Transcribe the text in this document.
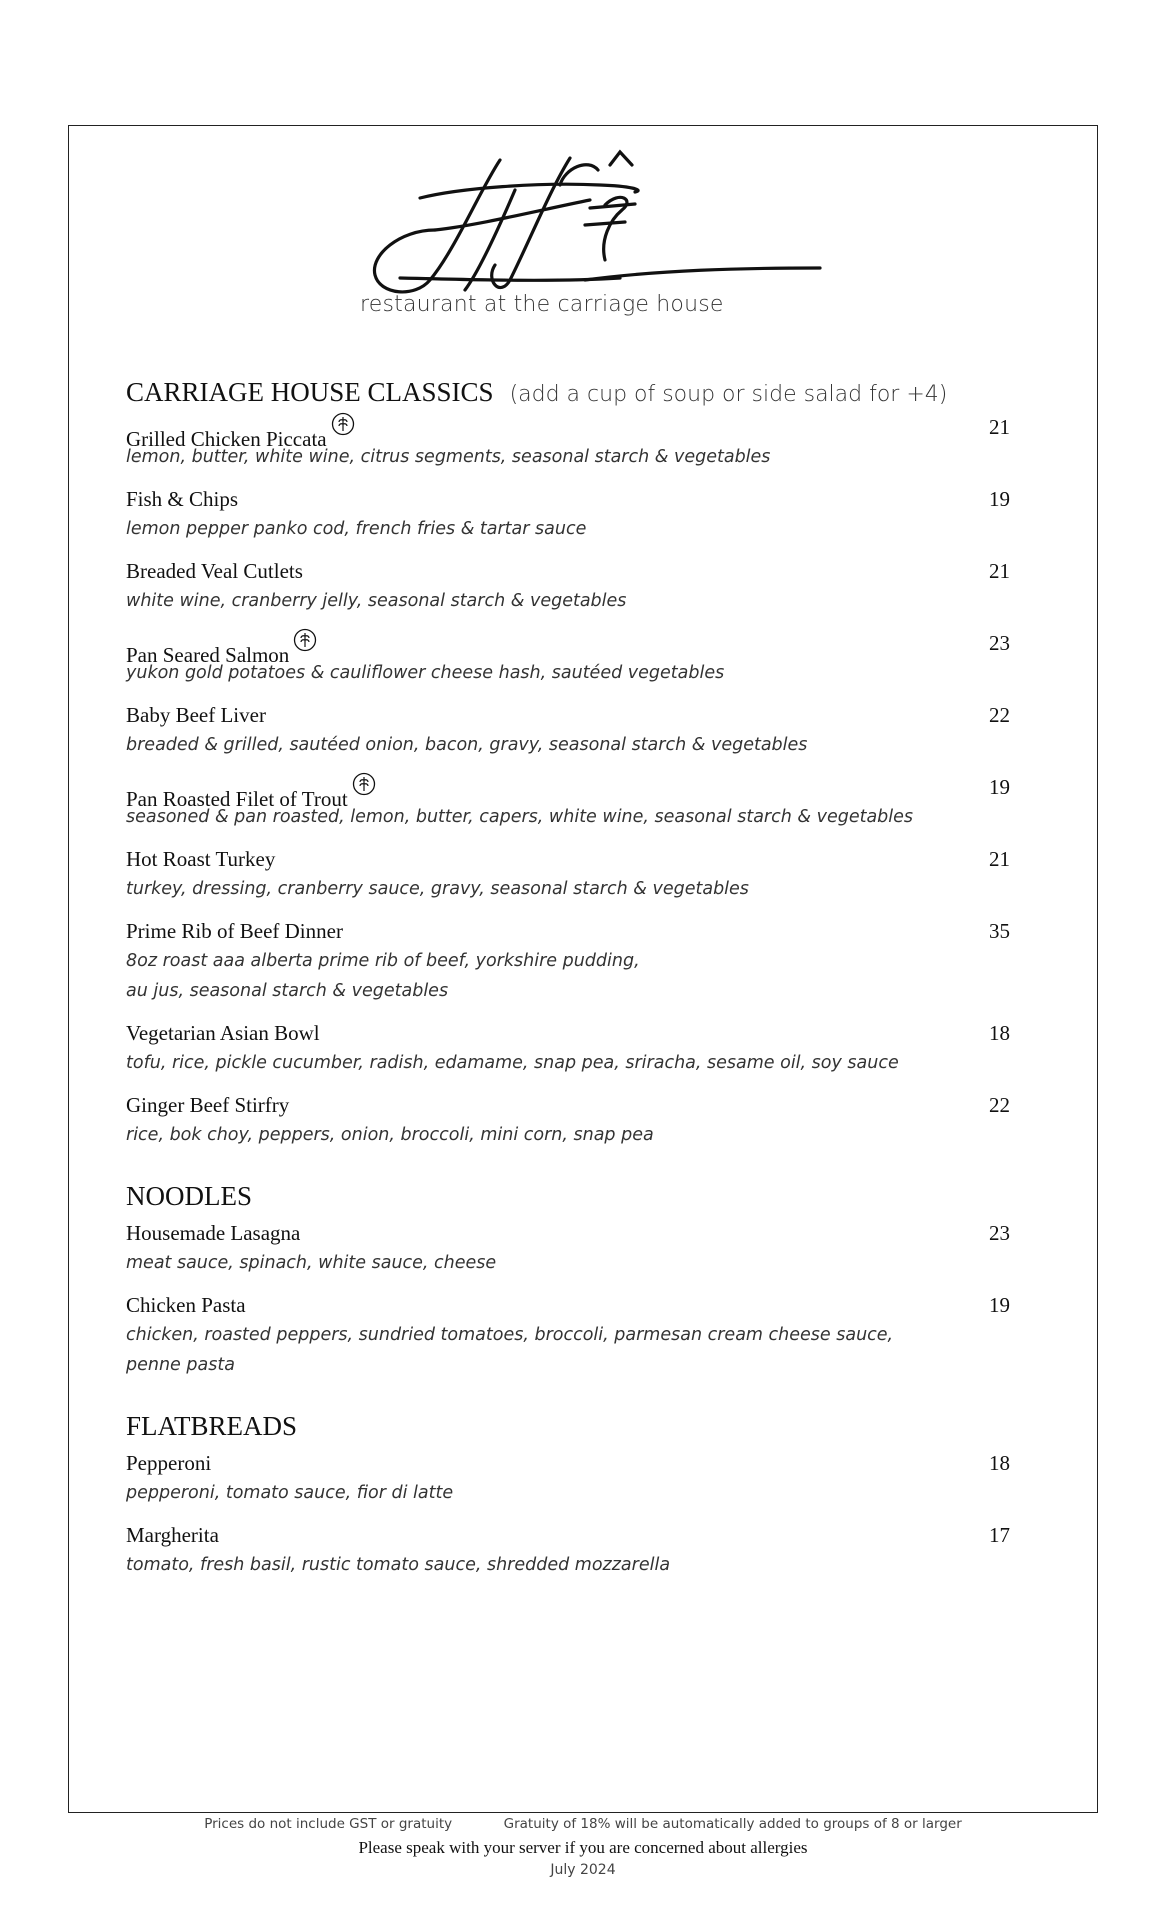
restaurant at the carriage house
CARRIAGE HOUSE CLASSICS (add a cup of soup or side salad for +4)
Grilled Chicken Piccata	21
lemon, butter, white wine, citrus segments, seasonal starch & vegetables
Fish & Chips	19
lemon pepper panko cod, french fries & tartar sauce
Breaded Veal Cutlets	21
white wine, cranberry jelly, seasonal starch & vegetables
Pan Seared Salmon	23
yukon gold potatoes & cauliflower cheese hash, sautéed vegetables
Baby Beef Liver	22
breaded & grilled, sautéed onion, bacon, gravy, seasonal starch & vegetables
Pan Roasted Filet of Trout	19
seasoned & pan roasted, lemon, butter, capers, white wine, seasonal starch & vegetables
Hot Roast Turkey	21
turkey, dressing, cranberry sauce, gravy, seasonal starch & vegetables
Prime Rib of Beef Dinner	35
8oz roast aaa alberta prime rib of beef, yorkshire pudding,
au jus, seasonal starch & vegetables
Vegetarian Asian Bowl	18
tofu, rice, pickle cucumber, radish, edamame, snap pea, sriracha, sesame oil, soy sauce
Ginger Beef Stirfry	22
rice, bok choy, peppers, onion, broccoli, mini corn, snap pea
NOODLES
Housemade Lasagna	23
meat sauce, spinach, white sauce, cheese
Chicken Pasta	19
chicken, roasted peppers, sundried tomatoes, broccoli, parmesan cream cheese sauce,
penne pasta
FLATBREADS
Pepperoni	18
pepperoni, tomato sauce, fior di latte
Margherita	17
tomato, fresh basil, rustic tomato sauce, shredded mozzarella
Prices do not include GST or gratuity	Gratuity of 18% will be automatically added to groups of 8 or larger
Please speak with your server if you are concerned about allergies
July 2024
